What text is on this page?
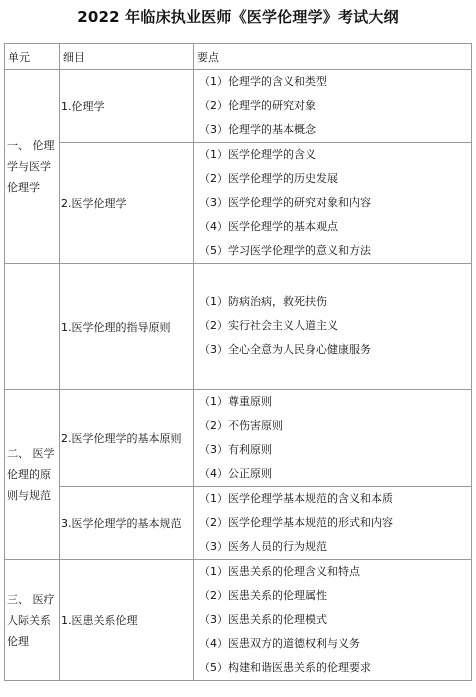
2022 年临床执业医师《医学伦理学》考试大纲
单元	细目	要点
一、 伦理学与医学伦理学	1.伦理学	（1）伦理学的含义和类型
（2）伦理学的研究对象
（3）伦理学的基本概念

	2.医学伦理学	（1）医学伦理学的含义
（2）医学伦理学的历史发展
（3）医学伦理学的研究对象和内容
（4）医学伦理学的基本观点
（5）学习医学伦理学的意义和方法

	1.医学伦理的指导原则	（1）防病治病，救死扶伤
（2）实行社会主义人道主义
（3）全心全意为人民身心健康服务

二、 医学伦理的原则与规范	2.医学伦理学的基本原则	（1）尊重原则
（2）不伤害原则
（3）有利原则
（4）公正原则

	3.医学伦理学的基本规范	（1）医学伦理学基本规范的含义和本质
（2）医学伦理学基本规范的形式和内容
（3）医务人员的行为规范

三、 医疗人际关系伦理	1.医患关系伦理	（1）医患关系的伦理含义和特点
（2）医患关系的伦理属性
（3）医患关系的伦理模式
（4）医患双方的道德权利与义务
（5）构建和谐医患关系的伦理要求
